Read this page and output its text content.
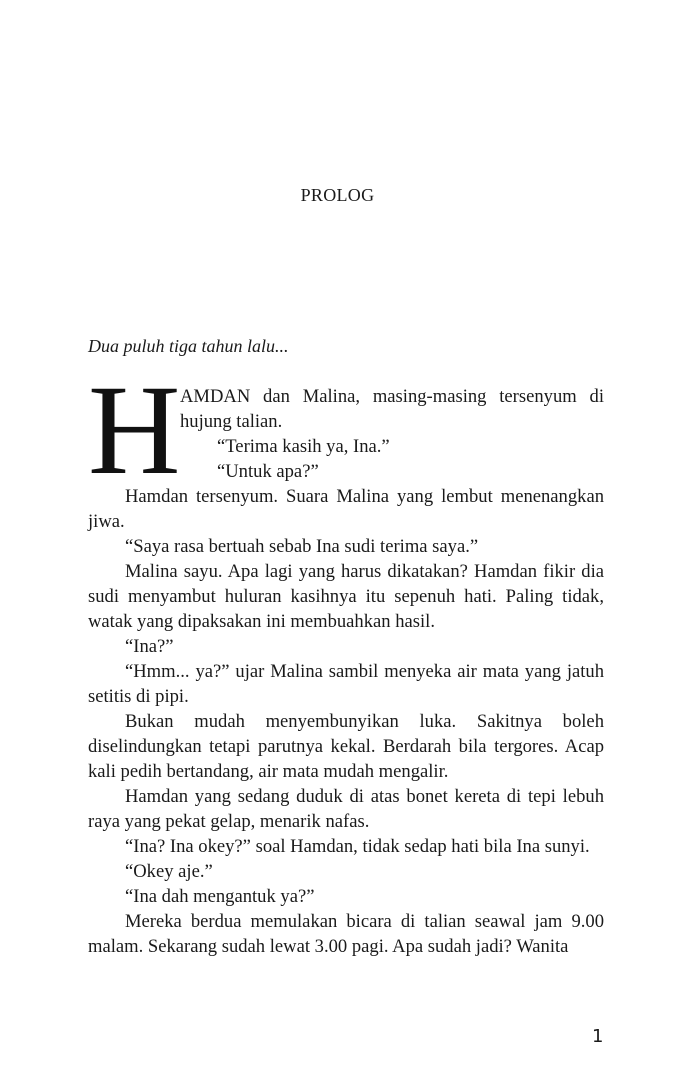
PROLOG
Dua puluh tiga tahun lalu...
H AMDAN dan Malina, masing-masing tersenyum di hujung talian.

“Terima kasih ya, Ina.”

“Untuk apa?”

Hamdan tersenyum. Suara Malina yang lembut menenangkan jiwa.

“Saya rasa bertuah sebab Ina sudi terima saya.”

Malina sayu. Apa lagi yang harus dikatakan? Hamdan fikir dia sudi menyambut huluran kasihnya itu sepenuh hati. Paling tidak, watak yang dipaksakan ini membuahkan hasil.

“Ina?”

“Hmm... ya?” ujar Malina sambil menyeka air mata yang jatuh setitis di pipi.

Bukan mudah menyembunyikan luka. Sakitnya boleh diselindungkan tetapi parutnya kekal. Berdarah bila tergores. Acap kali pedih bertandang, air mata mudah mengalir.

Hamdan yang sedang duduk di atas bonet kereta di tepi lebuh raya yang pekat gelap, menarik nafas.

“Ina? Ina okey?” soal Hamdan, tidak sedap hati bila Ina sunyi.

“Okey aje.”

“Ina dah mengantuk ya?”

Mereka berdua memulakan bicara di talian seawal jam 9.00 malam. Sekarang sudah lewat 3.00 pagi. Apa sudah jadi? Wanita

1
